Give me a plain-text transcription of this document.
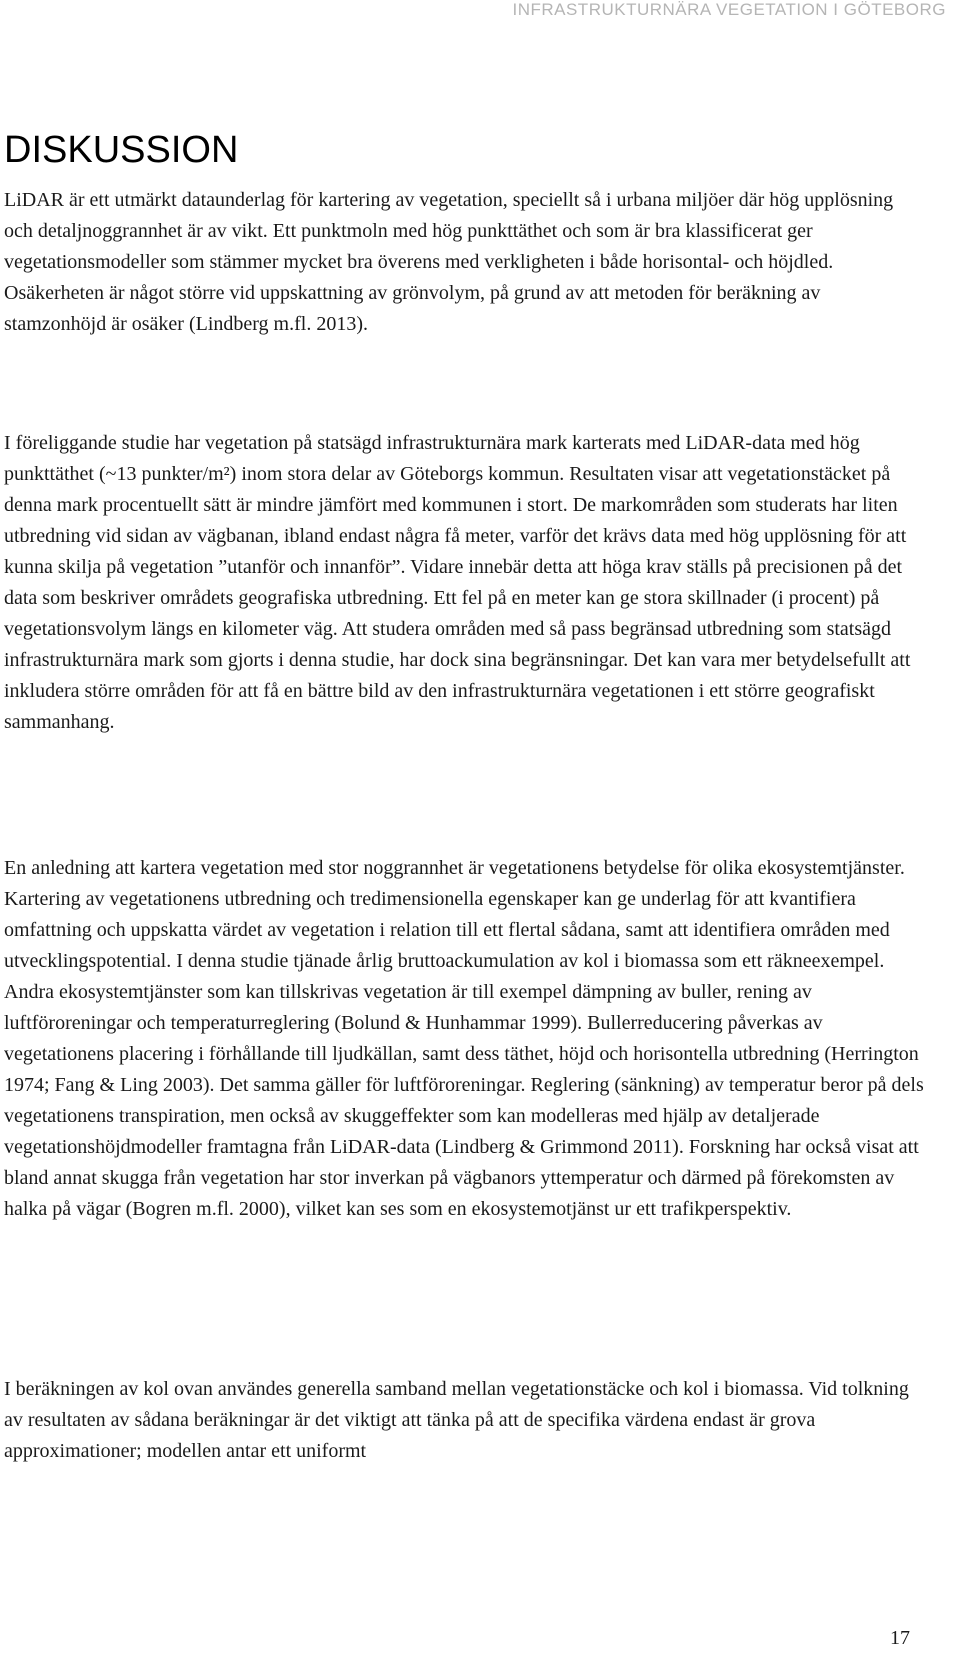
INFRASTRUKTURNÄRA VEGETATION I GÖTEBORG
DISKUSSION

LiDAR är ett utmärkt dataunderlag för kartering av vegetation, speciellt så i urbana miljöer där hög upplösning och detaljnoggrannhet är av vikt. Ett punktmoln med hög punkttäthet och som är bra klassificerat ger vegetationsmodeller som stämmer mycket bra överens med verkligheten i både horisontal- och höjdled. Osäkerheten är något större vid uppskattning av grönvolym, på grund av att metoden för beräkning av stamzonhöjd är osäker (Lindberg m.fl. 2013).

I föreliggande studie har vegetation på statsägd infrastrukturnära mark karterats med LiDAR-data med hög punkttäthet (~13 punkter/m²) inom stora delar av Göteborgs kommun. Resultaten visar att vegetationstäcket på denna mark procentuellt sätt är mindre jämfört med kommunen i stort. De markområden som studerats har liten utbredning vid sidan av vägbanan, ibland endast några få meter, varför det krävs data med hög upplösning för att kunna skilja på vegetation ”utanför och innanför”. Vidare innebär detta att höga krav ställs på precisionen på det data som beskriver områdets geografiska utbredning. Ett fel på en meter kan ge stora skillnader (i procent) på vegetationsvolym längs en kilometer väg. Att studera områden med så pass begränsad utbredning som statsägd infrastrukturnära mark som gjorts i denna studie, har dock sina begränsningar. Det kan vara mer betydelsefullt att inkludera större områden för att få en bättre bild av den infrastrukturnära vegetationen i ett större geografiskt sammanhang.

En anledning att kartera vegetation med stor noggrannhet är vegetationens betydelse för olika ekosystemtjänster. Kartering av vegetationens utbredning och tredimensionella egenskaper kan ge underlag för att kvantifiera omfattning och uppskatta värdet av vegetation i relation till ett flertal sådana, samt att identifiera områden med utvecklingspotential. I denna studie tjänade årlig bruttoackumulation av kol i biomassa som ett räkneexempel. Andra ekosystemtjänster som kan tillskrivas vegetation är till exempel dämpning av buller, rening av luftföroreningar och temperaturreglering (Bolund & Hunhammar 1999). Bullerreducering påverkas av vegetationens placering i förhållande till ljudkällan, samt dess täthet, höjd och horisontella utbredning (Herrington 1974; Fang & Ling 2003). Det samma gäller för luftföroreningar. Reglering (sänkning) av temperatur beror på dels vegetationens transpiration, men också av skuggeffekter som kan modelleras med hjälp av detaljerade vegetationshöjdmodeller framtagna från LiDAR-data (Lindberg & Grimmond 2011). Forskning har också visat att bland annat skugga från vegetation har stor inverkan på vägbanors yttemperatur och därmed på förekomsten av halka på vägar (Bogren m.fl. 2000), vilket kan ses som en ekosystemotjänst ur ett trafikperspektiv.

I beräkningen av kol ovan användes generella samband mellan vegetationstäcke och kol i biomassa. Vid tolkning av resultaten av sådana beräkningar är det viktigt att tänka på att de specifika värdena endast är grova approximationer; modellen antar ett uniformt

17
